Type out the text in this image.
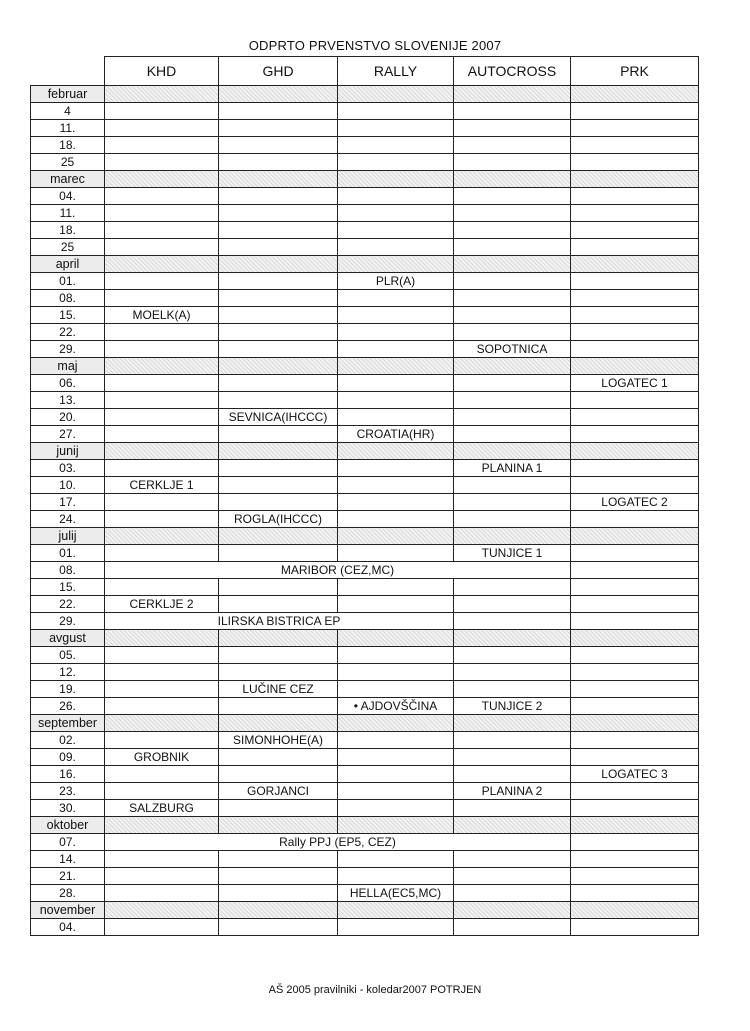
ODPRTO PRVENSTVO SLOVENIJE 2007
	KHD	GHD	RALLY	AUTOCROSS	PRK
februar					
4					
11.					
18.					
25					
marec					
04.					
11.					
18.					
25					
april					
01.			PLR(A)		
08.					
15.	MOELK(A)				
22.					
29.				SOPOTNICA	
maj					
06.					LOGATEC 1
13.					
20.		SEVNICA(IHCCC)			
27.			CROATIA(HR)		
junij					
03.				PLANINA 1	
10.	CERKLJE 1				
17.					LOGATEC 2
24.		ROGLA(IHCCC)			
julij					
01.				TUNJICE 1	
08.	MARIBOR (CEZ,MC)				
15.					
22.	CERKLJE 2				
29.	ILIRSKA BISTRICA EP				
avgust					
05.					
12.					
19.		LUČINE CEZ			
26.			• AJDOVŠČINA	TUNJICE 2	
september					
02.		SIMONHOHE(A)			
09.	GROBNIK				
16.					LOGATEC 3
23.		GORJANCI		PLANINA 2	
30.	SALZBURG				
oktober					
07.	Rally PPJ (EP5, CEZ)				
14.					
21.					
28.			HELLA(EC5,MC)		
november					
04.					
AŠ 2005 pravilniki - koledar2007 POTRJEN
